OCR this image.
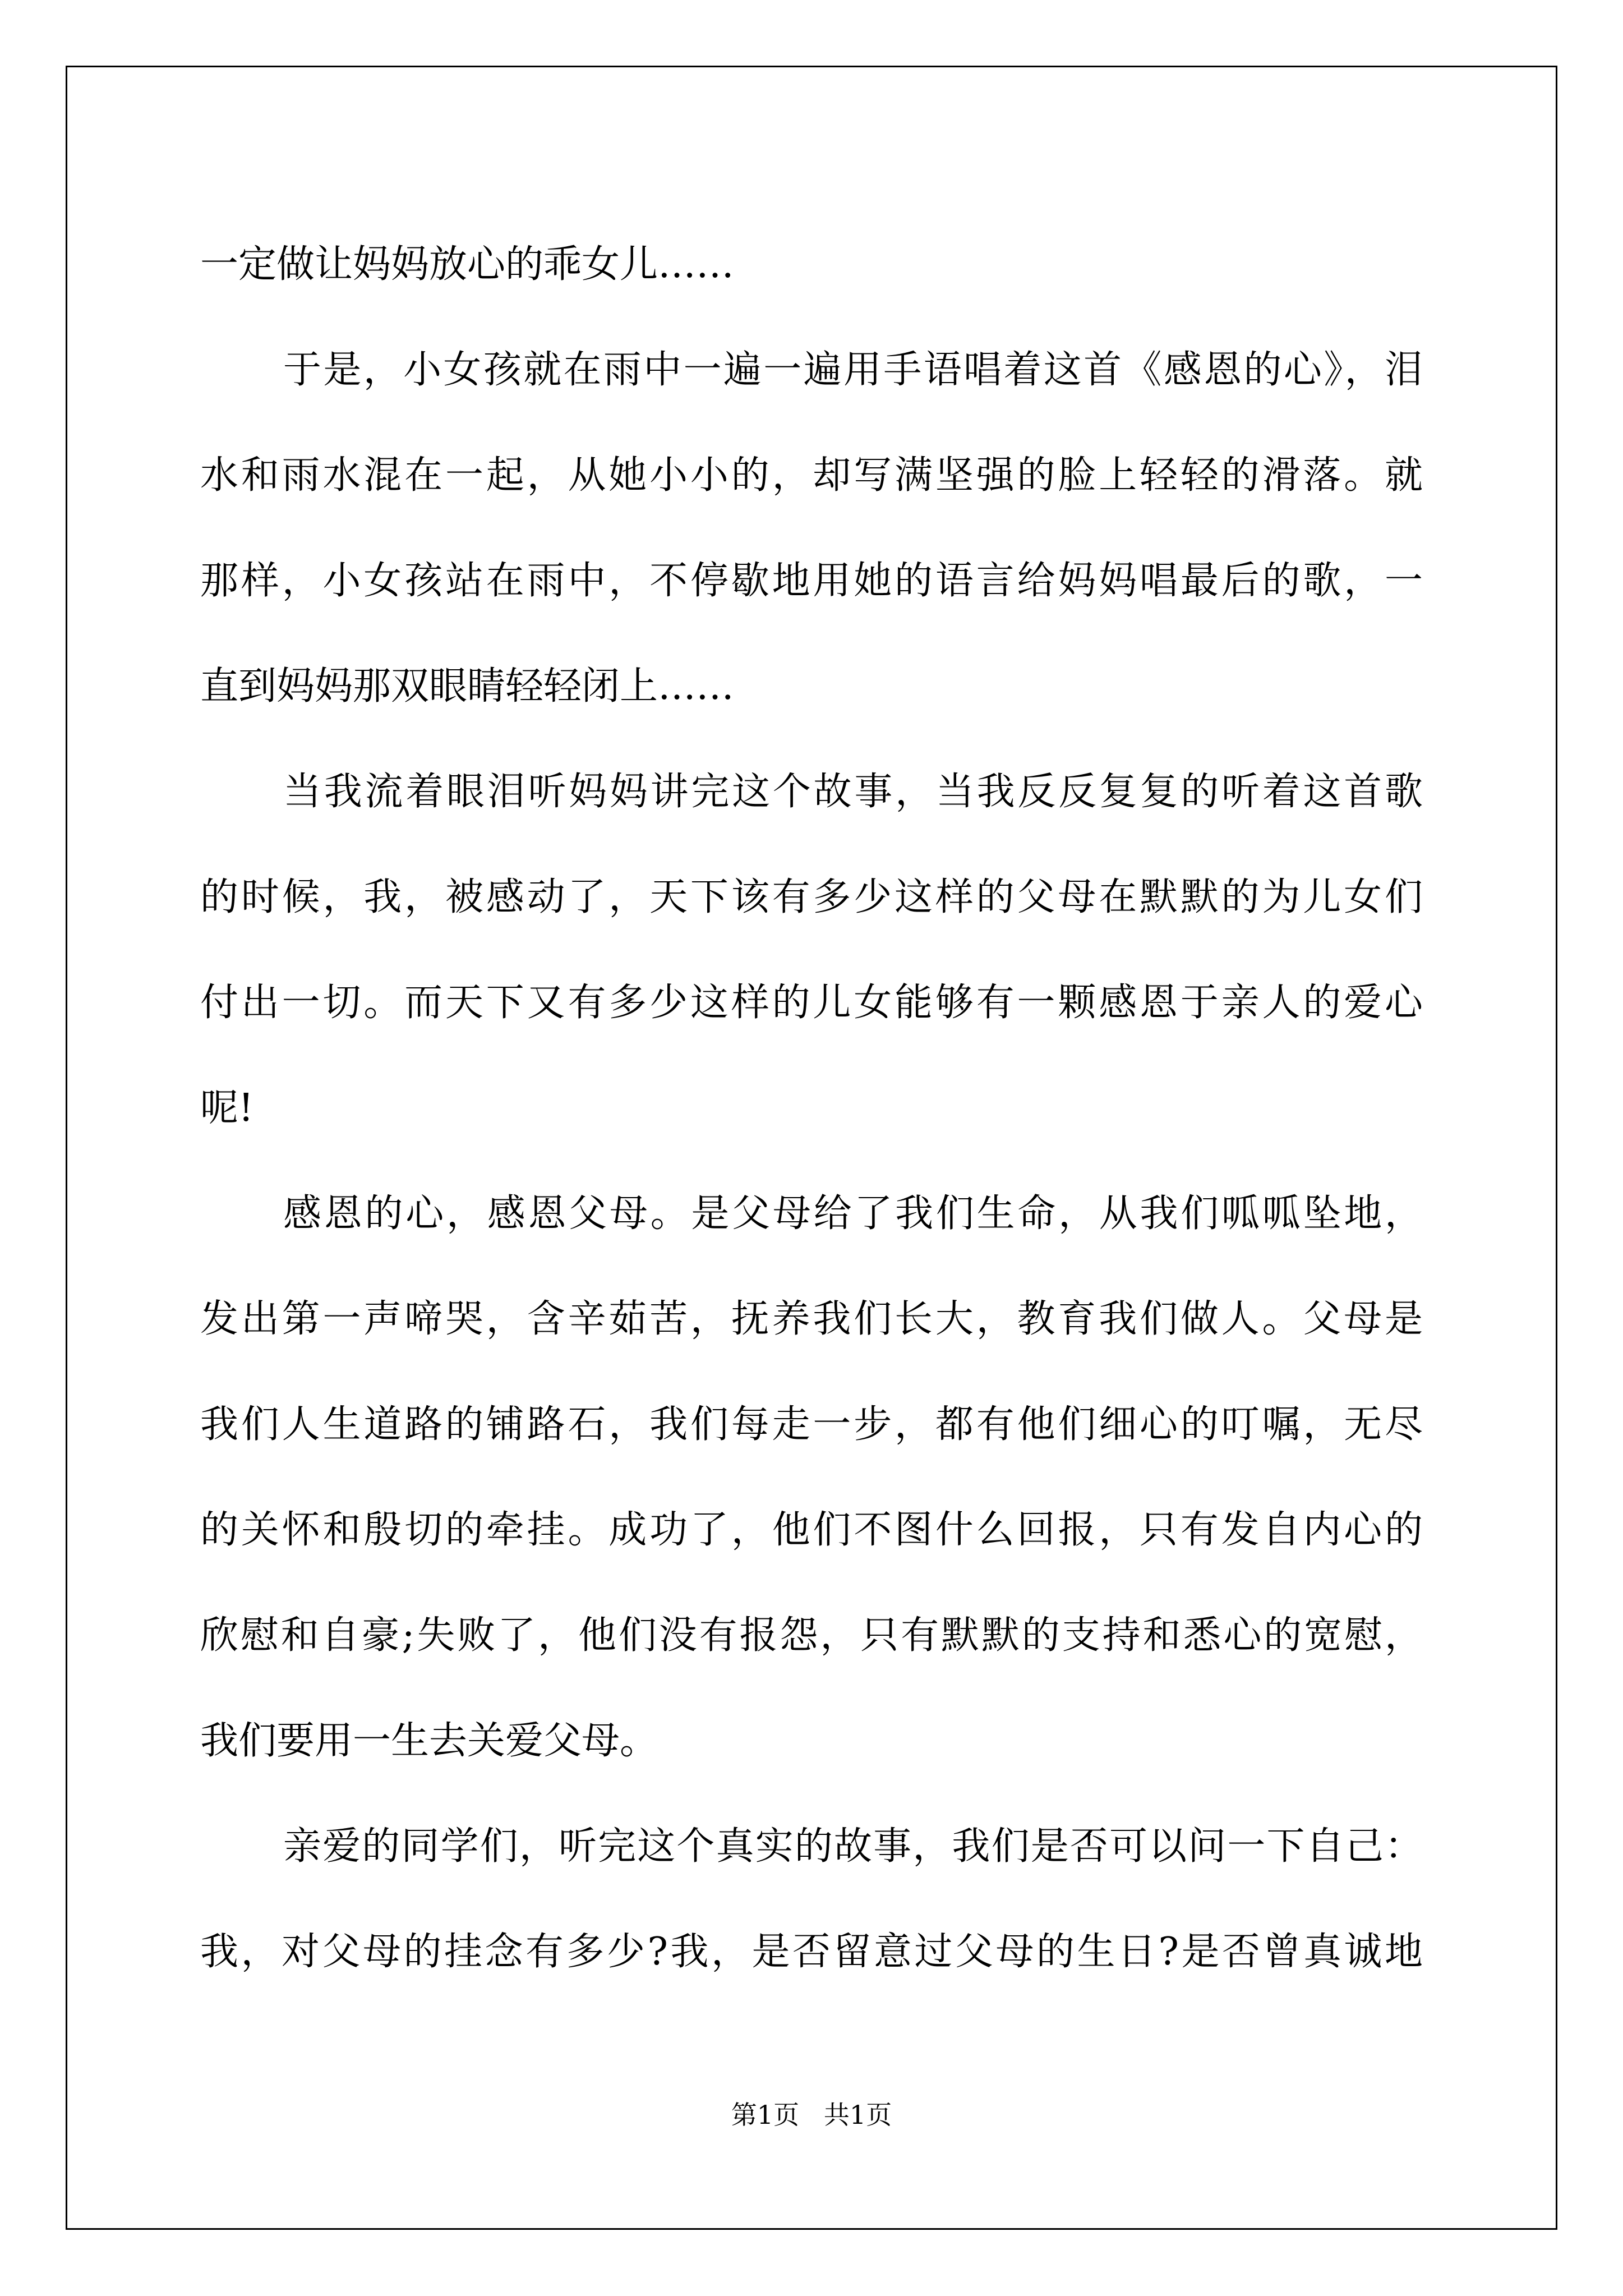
一定做让妈妈放心的乖女儿……
于是，小女孩就在雨中一遍一遍用手语唱着这首《感恩的心》，泪
水和雨水混在一起，从她小小的，却写满坚强的脸上轻轻的滑落。就
那样，小女孩站在雨中，不停歇地用她的语言给妈妈唱最后的歌，一
直到妈妈那双眼睛轻轻闭上……
当我流着眼泪听妈妈讲完这个故事，当我反反复复的听着这首歌
的时候，我，被感动了，天下该有多少这样的父母在默默的为儿女们
付出一切。而天下又有多少这样的儿女能够有一颗感恩于亲人的爱心
呢!
感恩的心，感恩父母。是父母给了我们生命，从我们呱呱坠地，
发出第一声啼哭，含辛茹苦，抚养我们长大，教育我们做人。父母是
我们人生道路的铺路石，我们每走一步，都有他们细心的叮嘱，无尽
的关怀和殷切的牵挂。成功了，他们不图什么回报，只有发自内心的
欣慰和自豪;失败了，他们没有报怨，只有默默的支持和悉心的宽慰，
我们要用一生去关爱父母。
亲爱的同学们，听完这个真实的故事，我们是否可以问一下自己：
我，对父母的挂念有多少?我，是否留意过父母的生日?是否曾真诚地
第1页   共1页
